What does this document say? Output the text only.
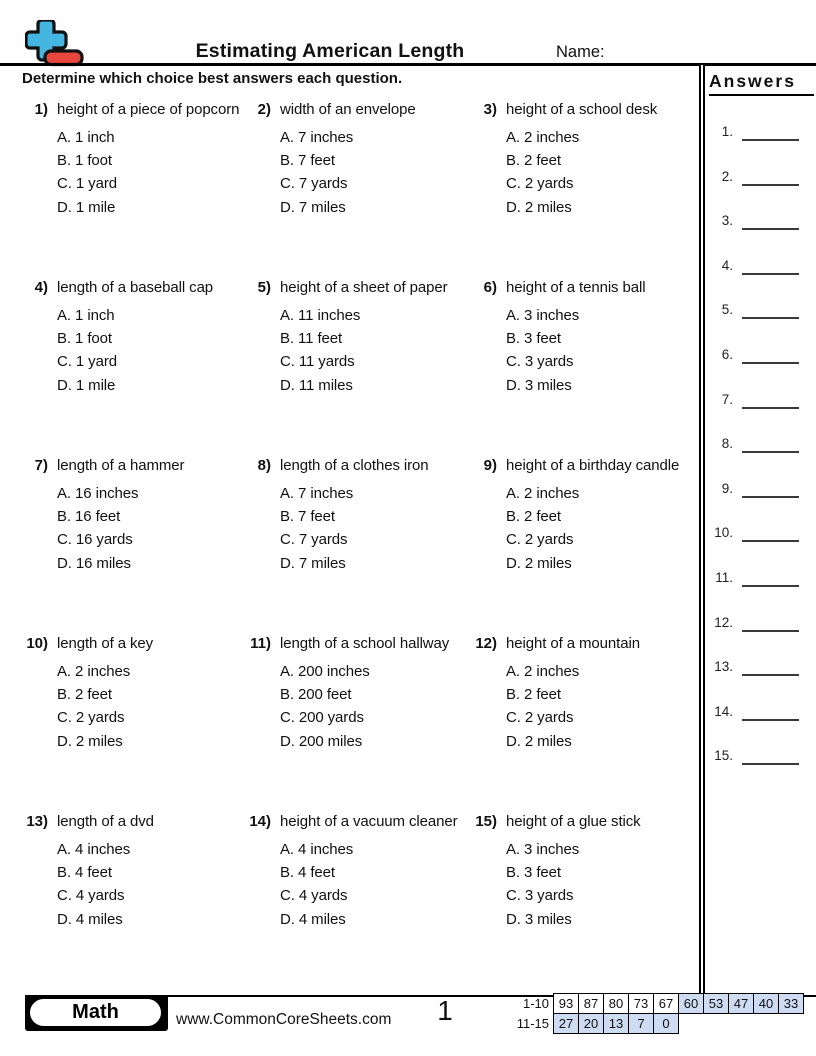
Estimating American Length	Name:
Determine which choice best answers each question.
1) height of a piece of popcorn
A. 1 inch
B. 1 foot
C. 1 yard
D. 1 mile
2) width of an envelope
A. 7 inches
B. 7 feet
C. 7 yards
D. 7 miles
3) height of a school desk
A. 2 inches
B. 2 feet
C. 2 yards
D. 2 miles
4) length of a baseball cap
A. 1 inch
B. 1 foot
C. 1 yard
D. 1 mile
5) height of a sheet of paper
A. 11 inches
B. 11 feet
C. 11 yards
D. 11 miles
6) height of a tennis ball
A. 3 inches
B. 3 feet
C. 3 yards
D. 3 miles
7) length of a hammer
A. 16 inches
B. 16 feet
C. 16 yards
D. 16 miles
8) length of a clothes iron
A. 7 inches
B. 7 feet
C. 7 yards
D. 7 miles
9) height of a birthday candle
A. 2 inches
B. 2 feet
C. 2 yards
D. 2 miles
10) length of a key
A. 2 inches
B. 2 feet
C. 2 yards
D. 2 miles
11) length of a school hallway
A. 200 inches
B. 200 feet
C. 200 yards
D. 200 miles
12) height of a mountain
A. 2 inches
B. 2 feet
C. 2 yards
D. 2 miles
13) length of a dvd
A. 4 inches
B. 4 feet
C. 4 yards
D. 4 miles
14) height of a vacuum cleaner
A. 4 inches
B. 4 feet
C. 4 yards
D. 4 miles
15) height of a glue stick
A. 3 inches
B. 3 feet
C. 3 yards
D. 3 miles
Answers
1.
2.
3.
4.
5.
6.
7.
8.
9.
10.
11.
12.
13.
14.
15.
Math	www.CommonCoreSheets.com	1	1-10 93 87 80 73 67 60 53 47 40 33
11-15 27 20 13	7	0
